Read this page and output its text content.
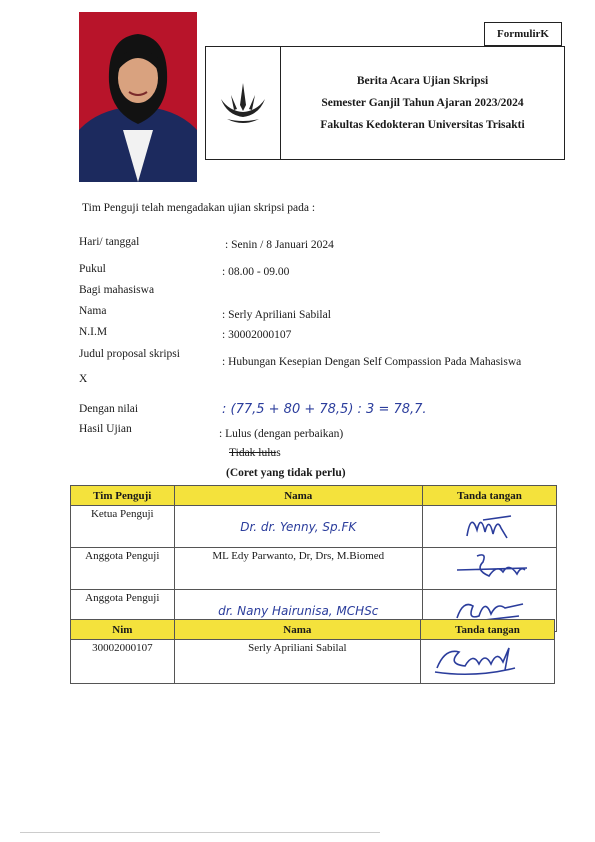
FormulirK
Berita Acara Ujian Skripsi
Semester Ganjil Tahun Ajaran 2023/2024
Fakultas Kedokteran Universitas Trisakti
Tim Penguji telah mengadakan ujian skripsi pada :
Hari/ tanggal	: Senin / 8 Januari 2024
Pukul	: 08.00 - 09.00
Bagi mahasiswa
Nama	: Serly Apriliani Sabilal
N.I.M	: 30002000107
Judul proposal skripsi
: Hubungan Kesepian Dengan Self Compassion Pada Mahasiswa
X
Dengan nilai	: (77,5 + 80 + 78,5) : 3 = 78,7.
Hasil Ujian	: Lulus (dengan perbaikan)
Tidak lulus
(Coret yang tidak perlu)
Tim Penguji	Nama	Tanda tangan
Ketua Penguji	Dr. dr. Yenny, Sp.FK	
Anggota Penguji	ML Edy Parwanto, Dr, Drs, M.Biomed	
Anggota Penguji	dr. Nany Hairunisa, MCHSc	
Nim	Nama	Tanda tangan
30002000107	Serly Apriliani Sabilal	
